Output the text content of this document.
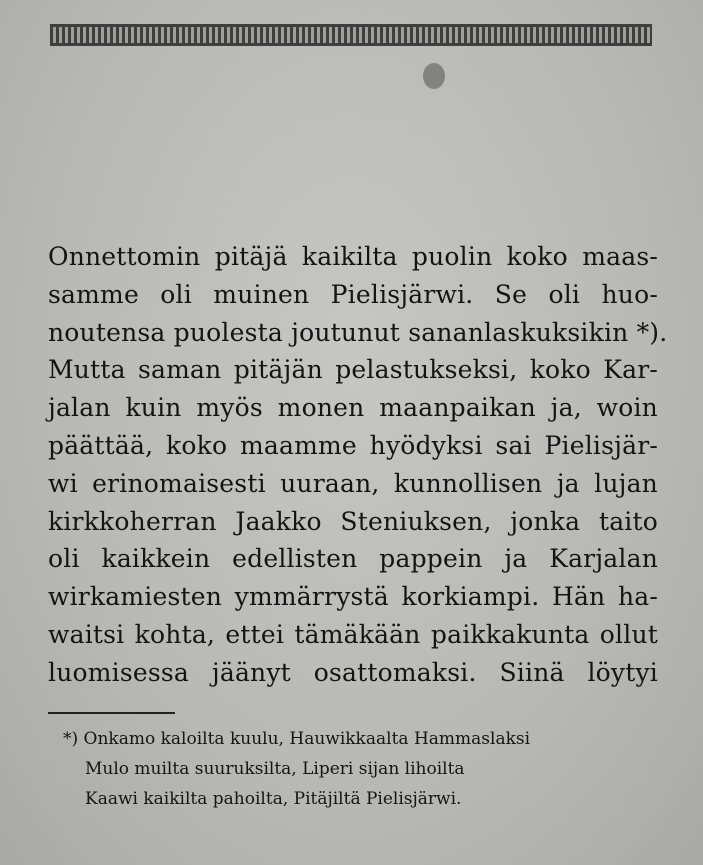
Onnettomin pitäjä kaikilta puolin koko maas-
samme oli muinen Pielisjärwi. Se oli huo-
noutensa puolesta joutunut sananlaskuksikin *).
Mutta saman pitäjän pelastukseksi, koko Kar-
jalan kuin myös monen maanpaikan ja, woin
päättää, koko maamme hyödyksi sai Pielisjär-
wi erinomaisesti uuraan, kunnollisen ja lujan
kirkkoherran Jaakko Steniuksen, jonka taito
oli kaikkein edellisten pappein ja Karjalan
wirkamiesten ymmärrystä korkiampi. Hän ha-
waitsi kohta, ettei tämäkään paikkakunta ollut
luomisessa jäänyt osattomaksi. Siinä löytyi
*) Onkamo kaloilta kuulu, Hauwikkaalta Hammaslaksi
Mulo muilta suuruksilta, Liperi sijan lihoilta
Kaawi kaikilta pahoilta, Pitäjiltä Pielisjärwi.
